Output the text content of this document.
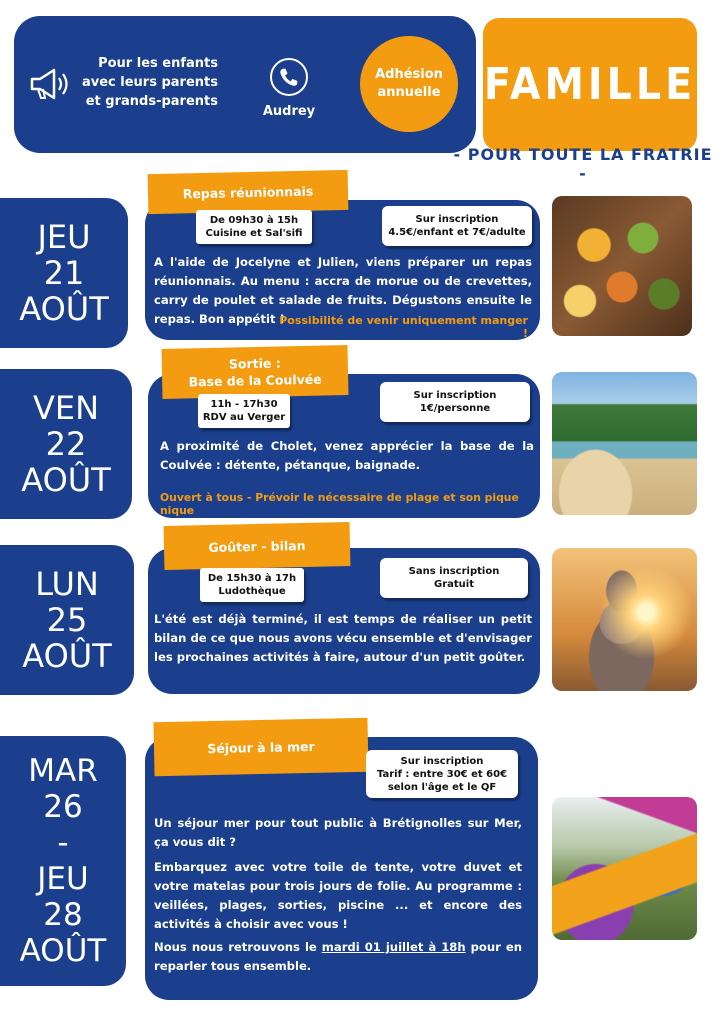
Pour les enfants
avec leurs parents
et grands-parents
Audrey
Adhésion
annuelle FAMILLE
- POUR TOUTE LA FRATRIE -
JEU
21
AOÛT
Repas réunionnais
De 09h30 à 15h
Cuisine et Sal'sifi
Sur inscription
4.5€/enfant et 7€/adulte
A l'aide de Jocelyne et Julien, viens préparer un repas réunionnais. Au menu : accra de morue ou de crevettes, carry de poulet et salade de fruits. Dégustons ensuite le repas. Bon appétit !
Possibilité de venir uniquement manger !
VEN
22
AOÛT
Sortie :
Base de la Coulvée
11h - 17h30
RDV au Verger
Sur inscription
1€/personne
A proximité de Cholet, venez apprécier la base de la Coulvée : détente, pétanque, baignade.
Ouvert à tous - Prévoir le nécessaire de plage et son pique nique
LUN
25
AOÛT
Goûter - bilan
De 15h30 à 17h
Ludothèque
Sans inscription
Gratuit
L'été est déjà terminé, il est temps de réaliser un petit bilan de ce que nous avons vécu ensemble et d'envisager les prochaines activités à faire, autour d'un petit goûter.
MAR
26
-
JEU
28
AOÛT
Séjour à la mer
Sur inscription
Tarif : entre 30€ et 60€
selon l'âge et le QF
Un séjour mer pour tout public à Brétignolles sur Mer, ça vous dit ?
Embarquez avec votre toile de tente, votre duvet et votre matelas pour trois jours de folie. Au programme : veillées, plages, sorties, piscine ... et encore des activités à choisir avec vous !
Nous nous retrouvons le mardi 01 juillet à 18h pour en reparler tous ensemble.
